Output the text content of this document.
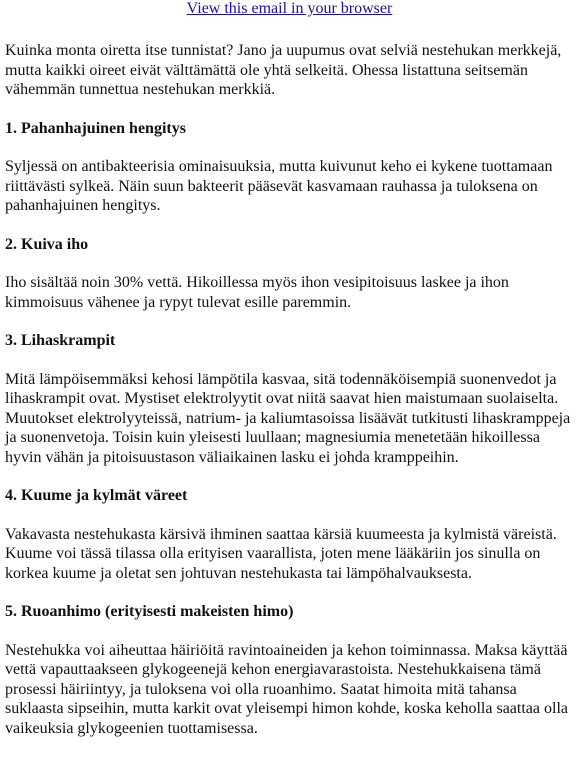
View this email in your browser

Kuinka monta oiretta itse tunnistat? Jano ja uupumus ovat selviä nestehukan merkkejä, mutta kaikki oireet eivät välttämättä ole yhtä selkeitä. Ohessa listattuna seitsemän vähemmän tunnettua nestehukan merkkiä.

1. Pahanhajuinen hengitys

Syljessä on antibakteerisia ominaisuuksia, mutta kuivunut keho ei kykene tuottamaan riittävästi sylkeä. Näin suun bakteerit pääsevät kasvamaan rauhassa ja tuloksena on pahanhajuinen hengitys.

2. Kuiva iho

Iho sisältää noin 30% vettä. Hikoillessa myös ihon vesipitoisuus laskee ja ihon kimmoisuus vähenee ja rypyt tulevat esille paremmin.

3. Lihaskrampit

Mitä lämpöisemmäksi kehosi lämpötila kasvaa, sitä todennäköisempiä suonenvedot ja lihaskrampit ovat. Mystiset elektrolyytit ovat niitä saavat hien maistumaan suolaiselta. Muutokset elektrolyyteissä, natrium- ja kaliumtasoissa lisäävät tutkitusti lihaskramppeja ja suonenvetoja. Toisin kuin yleisesti luullaan; magnesiumia menetetään hikoillessa hyvin vähän ja pitoisuustason väliaikainen lasku ei johda kramppeihin.

4. Kuume ja kylmät väreet

Vakavasta nestehukasta kärsivä ihminen saattaa kärsiä kuumeesta ja kylmistä väreistä. Kuume voi tässä tilassa olla erityisen vaarallista, joten mene lääkäriin jos sinulla on korkea kuume ja oletat sen johtuvan nestehukasta tai lämpöhalvauksesta.

5. Ruoanhimo (erityisesti makeisten himo)

Nestehukka voi aiheuttaa häiriöitä ravintoaineiden ja kehon toiminnassa. Maksa käyttää vettä vapauttaakseen glykogeenejä kehon energiavarastoista. Nestehukkaisena tämä prosessi häiriintyy, ja tuloksena voi olla ruoanhimo. Saatat himoita mitä tahansa suklaasta sipseihin, mutta karkit ovat yleisempi himon kohde, koska keholla saattaa olla vaikeuksia glykogeenien tuottamisessa.
